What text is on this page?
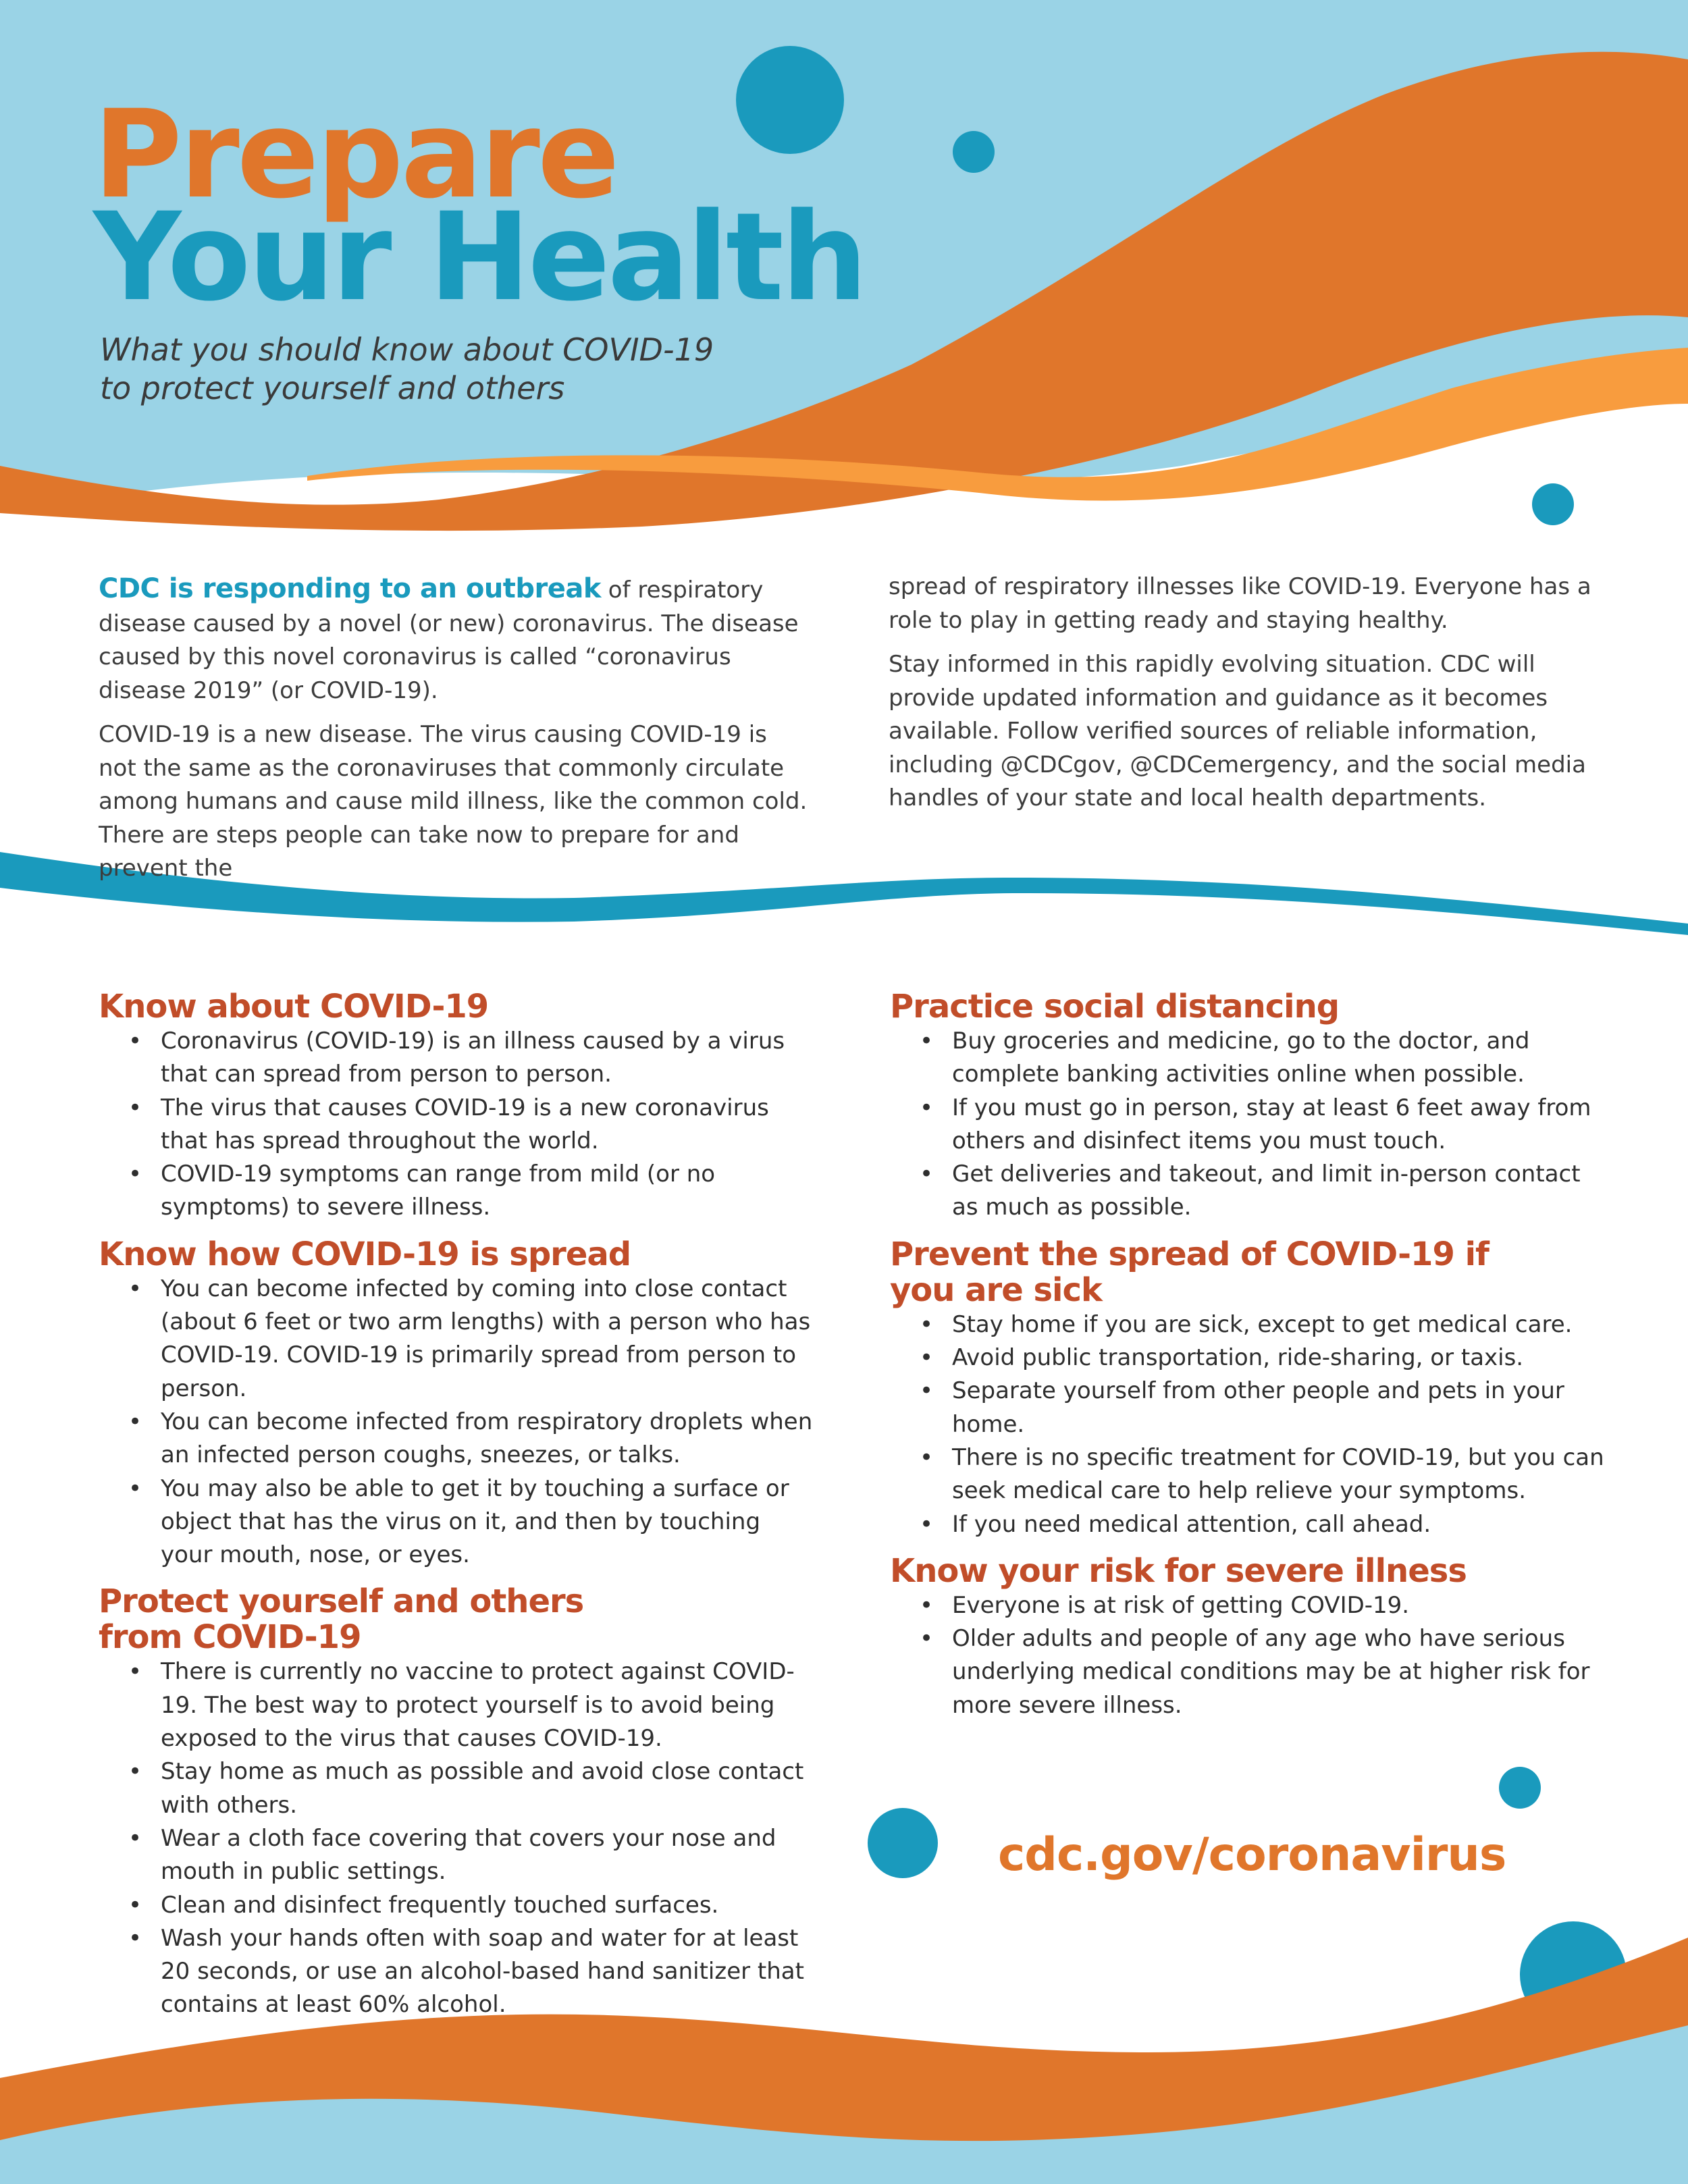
Prepare
Your Health
What you should know about COVID-19
to protect yourself and others

CDC is responding to an outbreak of respiratory disease caused by a novel (or new) coronavirus. The disease caused by this novel coronavirus is called “coronavirus disease 2019” (or COVID-19).

COVID-19 is a new disease. The virus causing COVID-19 is not the same as the coronaviruses that commonly circulate among humans and cause mild illness, like the common cold. There are steps people can take now to prepare for and prevent the

spread of respiratory illnesses like COVID-19. Everyone has a role to play in getting ready and staying healthy.

Stay informed in this rapidly evolving situation. CDC will provide updated information and guidance as it becomes available. Follow verified sources of reliable information, including @CDCgov, @CDCemergency, and the social media handles of your state and local health departments.

Know about COVID-19
• Coronavirus (COVID-19) is an illness caused by a virus that can spread from person to person.
• The virus that causes COVID-19 is a new coronavirus that has spread throughout the world.
• COVID-19 symptoms can range from mild (or no symptoms) to severe illness.
Know how COVID-19 is spread
• You can become infected by coming into close contact (about 6 feet or two arm lengths) with a person who has COVID-19. COVID-19 is primarily spread from person to person.
• You can become infected from respiratory droplets when an infected person coughs, sneezes, or talks.
• You may also be able to get it by touching a surface or object that has the virus on it, and then by touching your mouth, nose, or eyes.
Protect yourself and others from COVID-19
• There is currently no vaccine to protect against COVID-19. The best way to protect yourself is to avoid being exposed to the virus that causes COVID-19.
• Stay home as much as possible and avoid close contact with others.
• Wear a cloth face covering that covers your nose and mouth in public settings.
• Clean and disinfect frequently touched surfaces.
• Wash your hands often with soap and water for at least 20 seconds, or use an alcohol-based hand sanitizer that contains at least 60% alcohol.
Practice social distancing
• Buy groceries and medicine, go to the doctor, and complete banking activities online when possible.
• If you must go in person, stay at least 6 feet away from others and disinfect items you must touch.
• Get deliveries and takeout, and limit in-person contact as much as possible.
Prevent the spread of COVID-19 if you are sick
• Stay home if you are sick, except to get medical care.
• Avoid public transportation, ride-sharing, or taxis.
• Separate yourself from other people and pets in your home.
• There is no specific treatment for COVID-19, but you can seek medical care to help relieve your symptoms.
• If you need medical attention, call ahead.
Know your risk for severe illness
• Everyone is at risk of getting COVID-19.
• Older adults and people of any age who have serious underlying medical conditions may be at higher risk for more severe illness.
cdc.gov/coronavirus
